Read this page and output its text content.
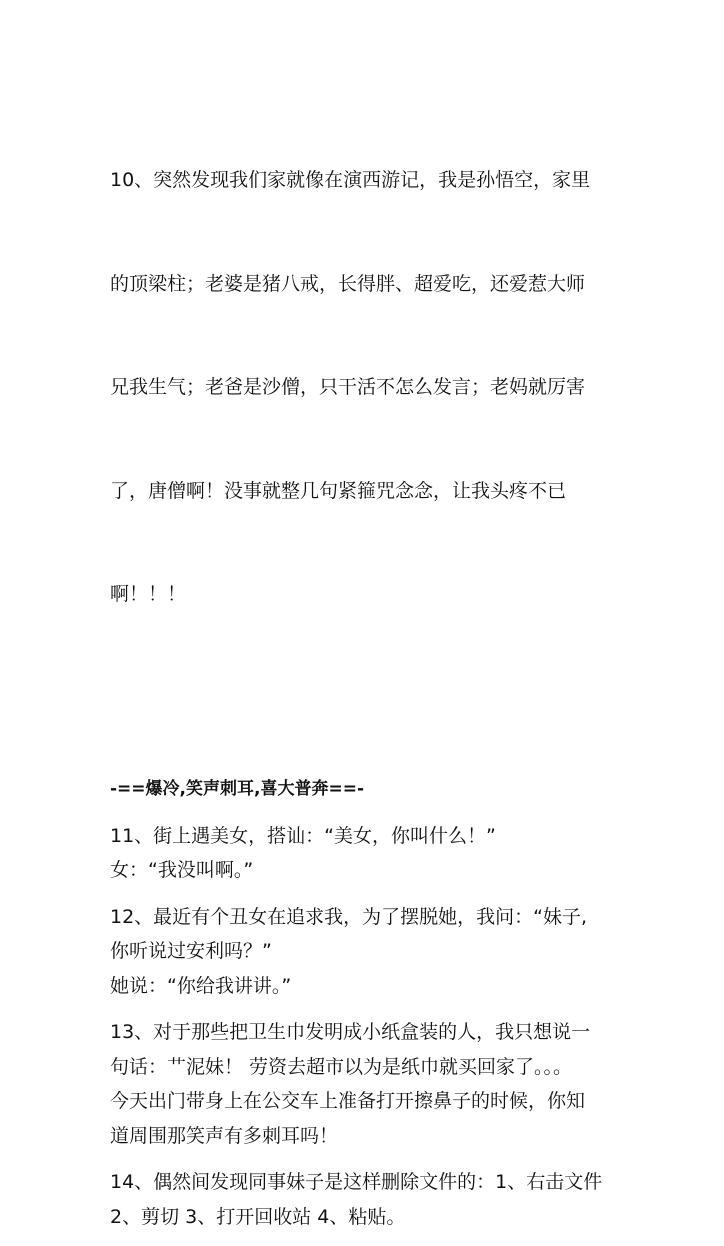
10、突然发现我们家就像在演西游记，我是孙悟空，家里

的顶梁柱；老婆是猪八戒，长得胖、超爱吃，还爱惹大师

兄我生气；老爸是沙僧，只干活不怎么发言；老妈就厉害

了，唐僧啊！没事就整几句紧箍咒念念，让我头疼不已

啊！！！

-==爆冷,笑声刺耳,喜大普奔==-
11、街上遇美女，搭讪：“美女，你叫什么！”
女：“我没叫啊。”
12、最近有个丑女在追求我，为了摆脱她，我问：“妹子,
你听说过安利吗？”
她说：“你给我讲讲。”
13、对于那些把卫生巾发明成小纸盒装的人，我只想说一
句话：艹泥妹！ 劳资去超市以为是纸巾就买回家了。。。
今天出门带身上在公交车上准备打开擦鼻子的时候，你知
道周围那笑声有多刺耳吗！
14、偶然间发现同事妹子是这样删除文件的：1、右击文件
2、剪切 3、打开回收站 4、粘贴。
